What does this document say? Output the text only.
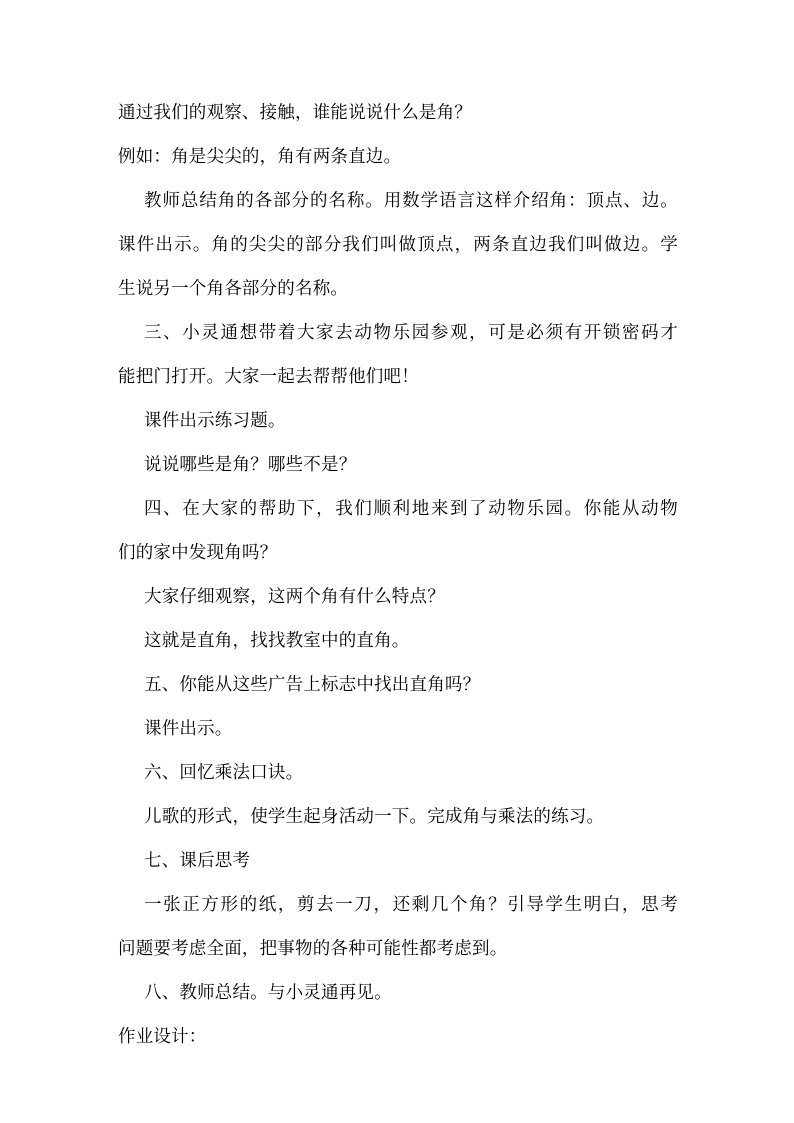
通过我们的观察、接触，谁能说说什么是角？
例如：角是尖尖的，角有两条直边。
教师总结角的各部分的名称。用数学语言这样介绍角：顶点、边。
课件出示。角的尖尖的部分我们叫做顶点，两条直边我们叫做边。学
生说另一个角各部分的名称。
三、小灵通想带着大家去动物乐园参观，可是必须有开锁密码才
能把门打开。大家一起去帮帮他们吧！
课件出示练习题。
说说哪些是角？哪些不是？
四、在大家的帮助下，我们顺利地来到了动物乐园。你能从动物
们的家中发现角吗？
大家仔细观察，这两个角有什么特点？
这就是直角，找找教室中的直角。
五、你能从这些广告上标志中找出直角吗？
课件出示。
六、回忆乘法口诀。
儿歌的形式，使学生起身活动一下。完成角与乘法的练习。
七、课后思考
一张正方形的纸，剪去一刀，还剩几个角？引导学生明白，思考
问题要考虑全面，把事物的各种可能性都考虑到。
八、教师总结。与小灵通再见。
作业设计：
